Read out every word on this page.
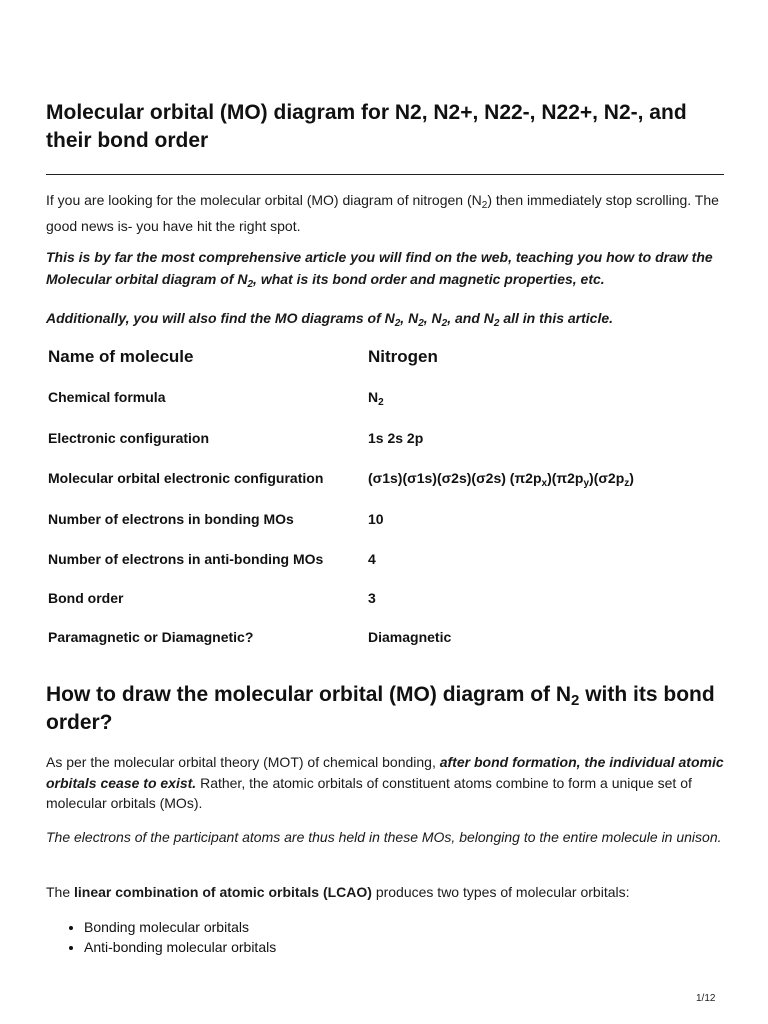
Molecular orbital (MO) diagram for N2, N2+, N22-, N22+, N2-, and their bond order

If you are looking for the molecular orbital (MO) diagram of nitrogen $(N_2)$ then immediately stop scrolling. The good news is- you have hit the right spot.

This is by far the most comprehensive article you will find on the web, teaching you how to draw the Molecular orbital diagram of $N_2$, what is its bond order and magnetic properties, etc.

Additionally, you will also find the MO diagrams of $N_2$, $N_2$, $N_2$, and $N_2$ all in this article.

Name of molecule	Nitrogen
Chemical formula	$N_2$
Electronic configuration	1s 2s 2p
Molecular orbital electronic configuration	(σ1s)(σ1s)(σ2s)(σ2s) $(\pi 2p_x)(\pi 2p_y)(\sigma 2p_z)$
Number of electrons in bonding MOs	10
Number of electrons in anti-bonding MOs	4
Bond order	3
Paramagnetic or Diamagnetic?	Diamagnetic
How to draw the molecular orbital (MO) diagram of $N_2$ with its bond order?

As per the molecular orbital theory (MOT) of chemical bonding, after bond formation, the individual atomic orbitals cease to exist. Rather, the atomic orbitals of constituent atoms combine to form a unique set of molecular orbitals (MOs).

The electrons of the participant atoms are thus held in these MOs, belonging to the entire molecule in unison.

The linear combination of atomic orbitals (LCAO) produces two types of molecular orbitals:

• Bonding molecular orbitals
• Anti-bonding molecular orbitals
1/12
